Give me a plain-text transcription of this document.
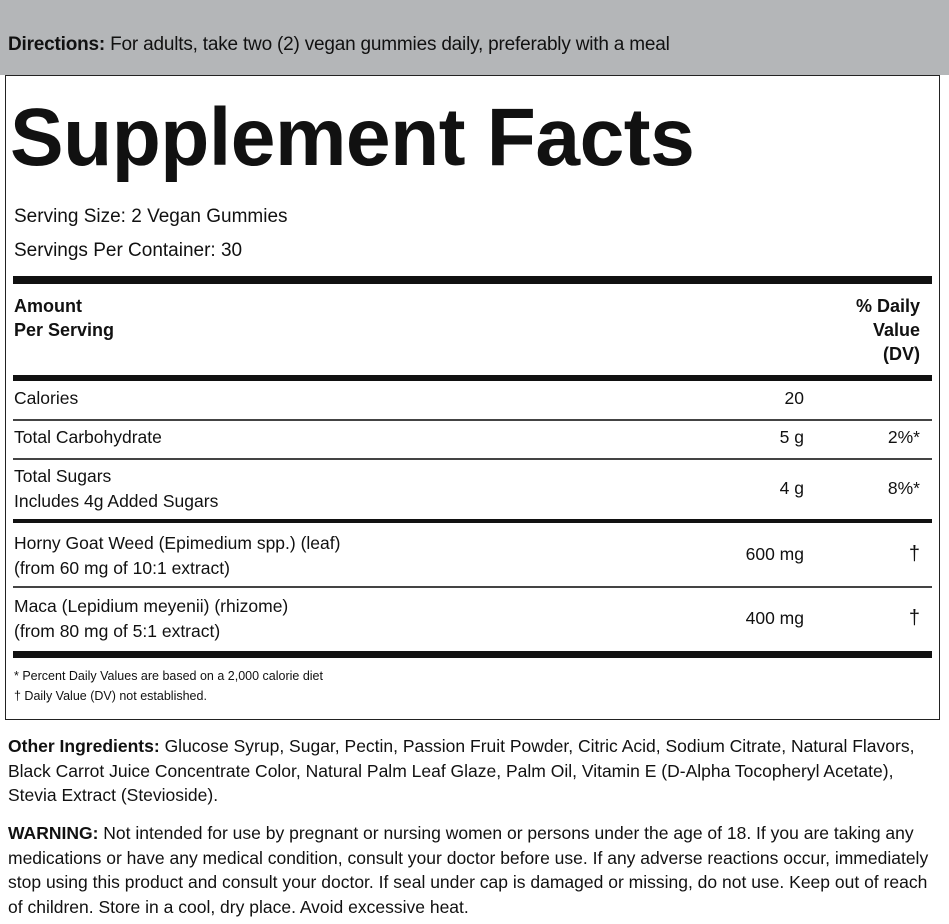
Directions: For adults, take two (2) vegan gummies daily, preferably with a meal
Supplement Facts
Serving Size: 2 Vegan Gummies
Servings Per Container: 30
Amount
Per Serving
% Daily
Value
(DV)
Calories	20
Total Carbohydrate	5 g	2%*
Total Sugars
Includes 4g Added Sugars
4 g	8%*
Horny Goat Weed (Epimedium spp.) (leaf)
(from 60 mg of 10:1 extract)
600 mg	†
Maca (Lepidium meyenii) (rhizome)
(from 80 mg of 5:1 extract)
400 mg	†
* Percent Daily Values are based on a 2,000 calorie diet
† Daily Value (DV) not established.
Other Ingredients: Glucose Syrup, Sugar, Pectin, Passion Fruit Powder, Citric Acid, Sodium Citrate, Natural Flavors, Black Carrot Juice Concentrate Color, Natural Palm Leaf Glaze, Palm Oil, Vitamin E (D-Alpha Tocopheryl Acetate), Stevia Extract (Stevioside).
WARNING: Not intended for use by pregnant or nursing women or persons under the age of 18. If you are taking any medications or have any medical condition, consult your doctor before use. If any adverse reactions occur, immediately stop using this product and consult your doctor. If seal under cap is damaged or missing, do not use. Keep out of reach of children. Store in a cool, dry place. Avoid excessive heat.
